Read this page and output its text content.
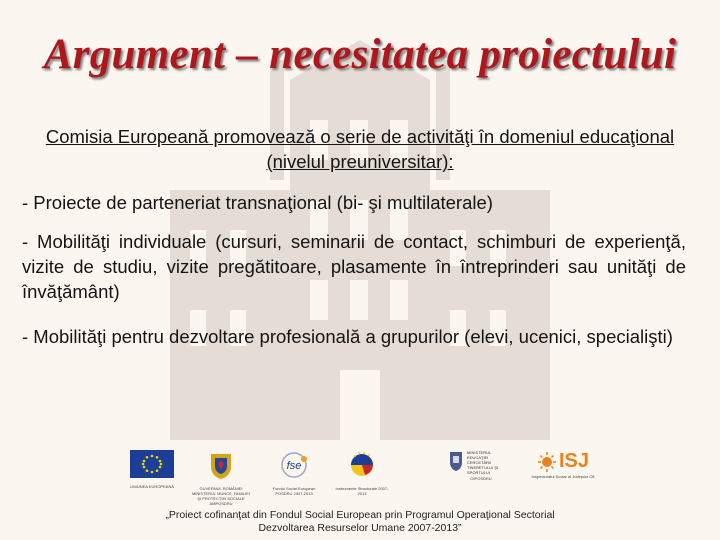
Argument – necesitatea proiectului

Comisia Europeană promovează o serie de activităţi în domeniul educaţional (nivelul preuniversitar):

- Proiecte de parteneriat transnaţional (bi- şi multilaterale)

- Mobilităţi individuale (cursuri, seminarii de contact, schimburi de experienţă, vizite de studiu, vizite pregătitoare, plasamente în întreprinderi sau unităţi de învăţământ)

- Mobilităţi pentru dezvoltare profesională a grupurilor (elevi, ucenici, specialişti)

UNIUNEA EUROPEANĂ	GUVERNUL ROMÂNIEI MINISTERUL MUNCII, FAMILIEI ŞI PROTECŢIEI SOCIALE AMPOSDRU
fse
Fondul Social European POSDRU 2007-2013
Instrumente Structurale 2007-2013
MINISTERUL EDUCAŢIEI CERCETĂRII TINERETULUI ŞI SPORTULUI
OIPOSDRU
ISJ
Inspectoratul Şcolar al Judeţului Olt
„Proiect cofinanţat din Fondul Social European prin Programul Operaţional Sectorial
Dezvoltarea Resurselor Umane 2007-2013”
